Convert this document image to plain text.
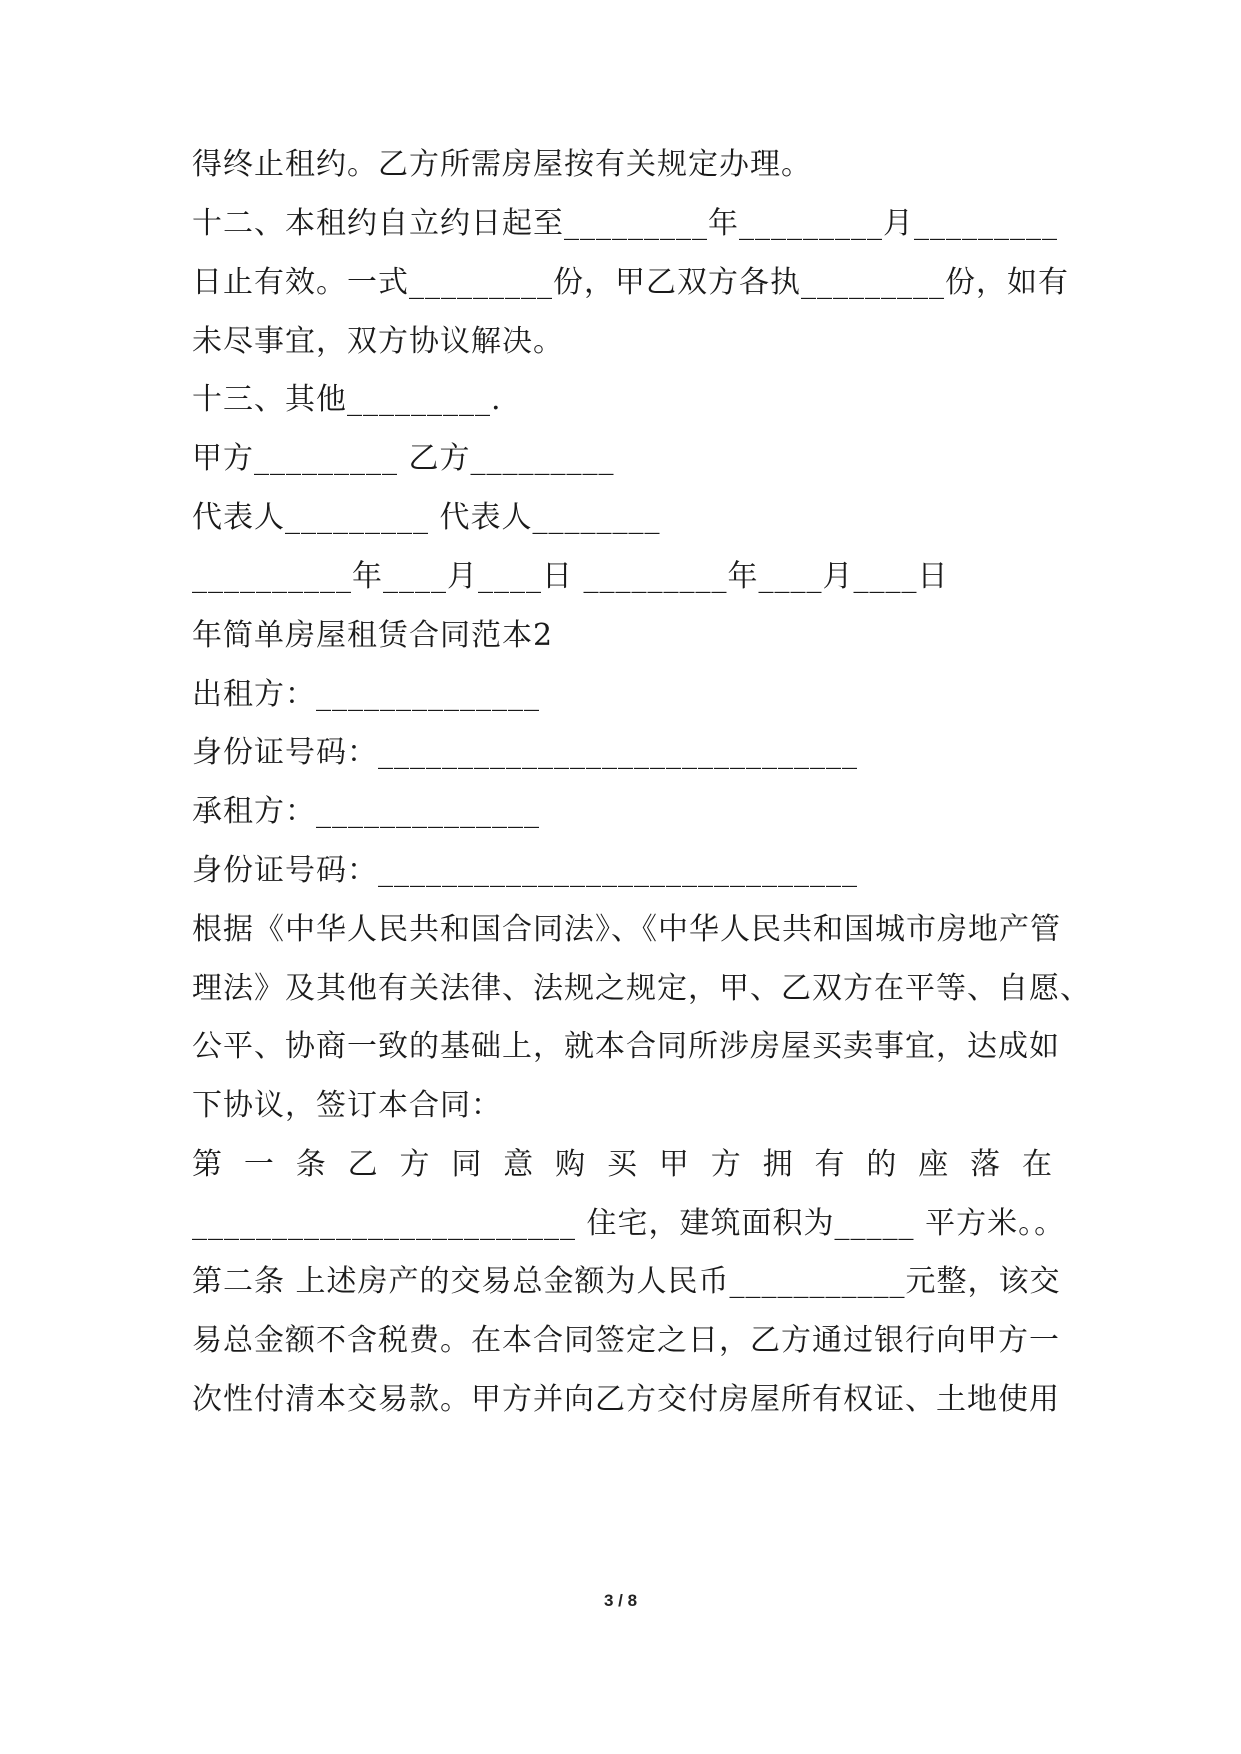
得终止租约。乙方所需房屋按有关规定办理。
十二、本租约自立约日起至_________年_________月_________
日止有效。一式_________份，甲乙双方各执_________份，如有
未尽事宜，双方协议解决。
十三、其他_________.
甲方_________ 乙方_________
代表人_________ 代表人________
__________年____月____日 _________年____月____日
年简单房屋租赁合同范本2
出租方：______________
身份证号码：______________________________
承租方：______________
身份证号码：______________________________
根据《中华人民共和国合同法》、《中华人民共和国城市房地产管
理法》及其他有关法律、法规之规定，甲、乙双方在平等、自愿、
公平、协商一致的基础上，就本合同所涉房屋买卖事宜，达成如
下协议，签订本合同：
第 一 条 乙 方 同 意 购 买 甲 方 拥 有 的 座 落 在
________________________ 住宅，建筑面积为_____ 平方米。。
第二条 上述房产的交易总金额为人民币___________元整，该交
易总金额不含税费。在本合同签定之日，乙方通过银行向甲方一
次性付清本交易款。甲方并向乙方交付房屋所有权证、土地使用
3 / 8
